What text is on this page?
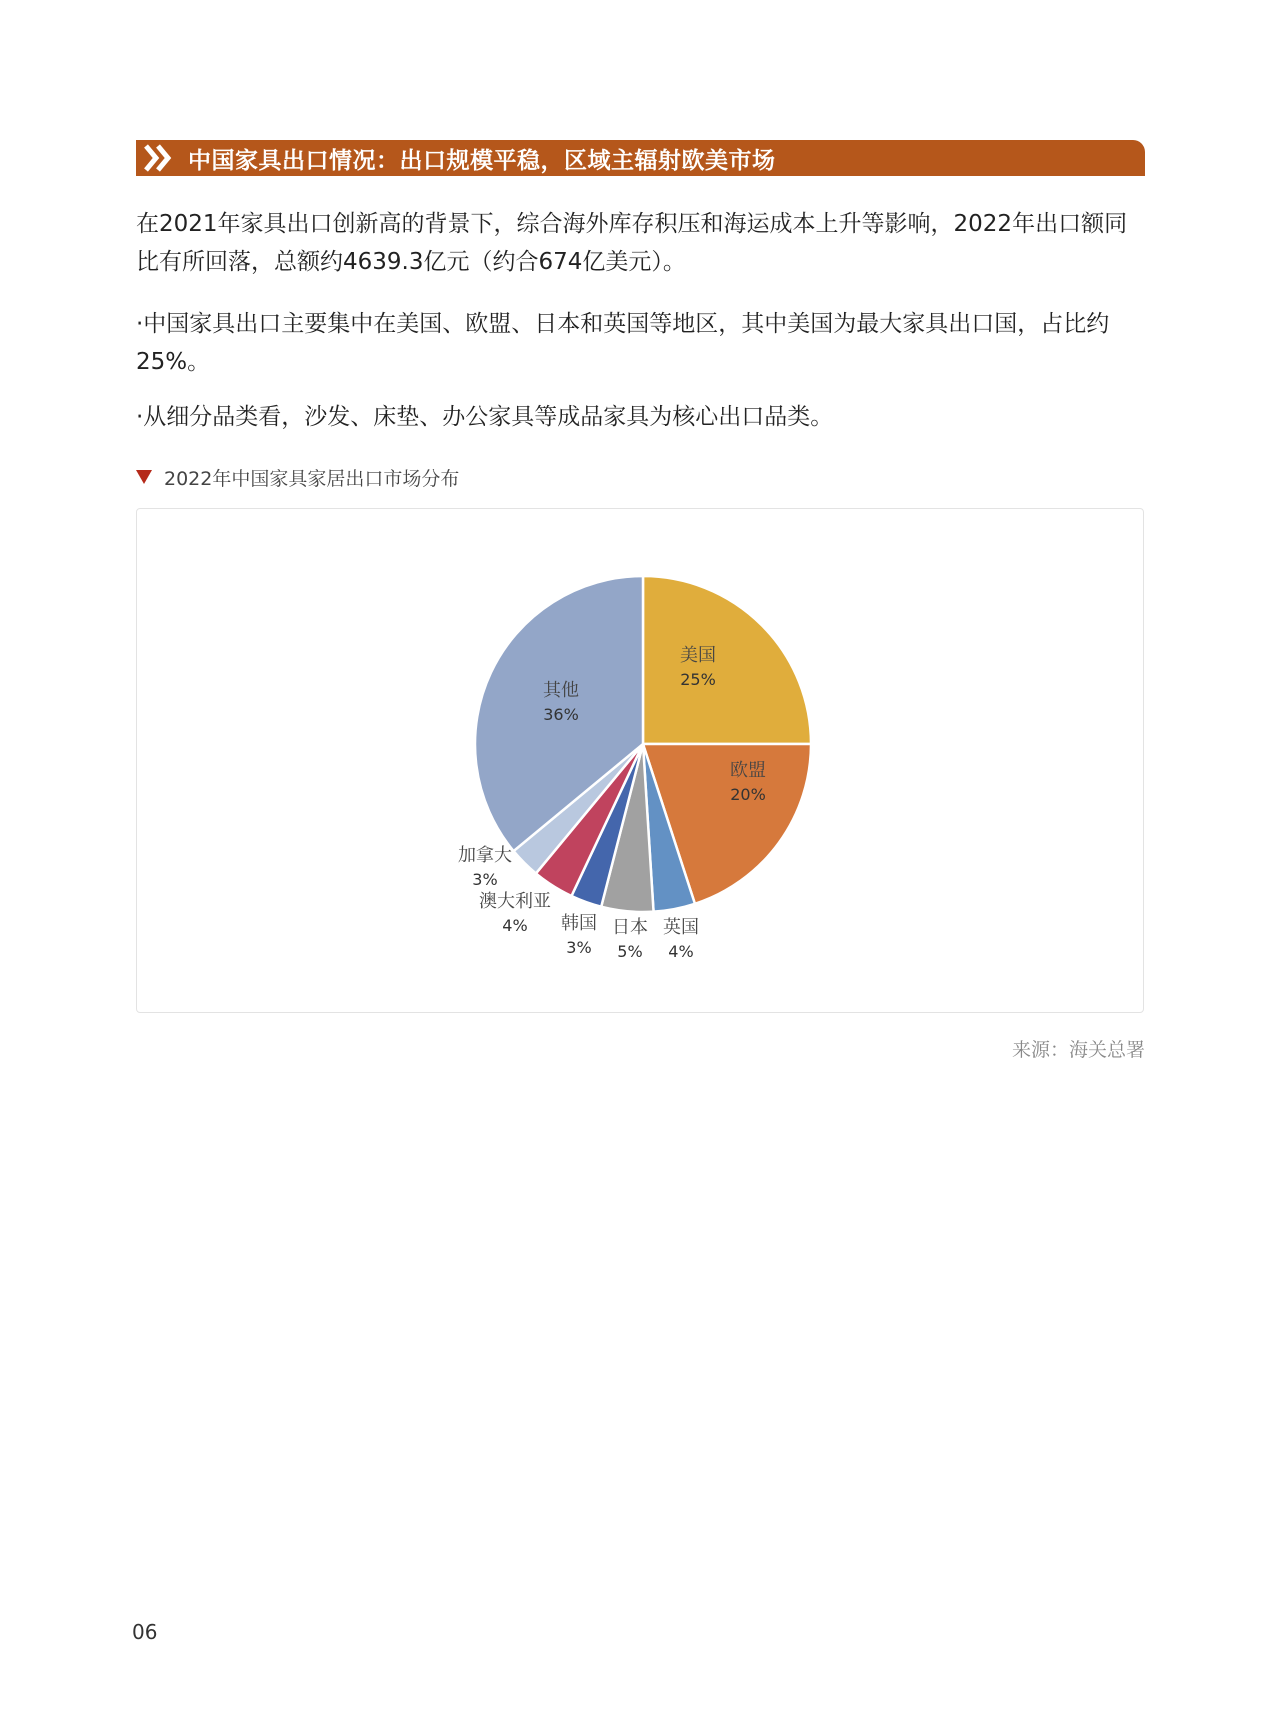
中国家具出口情况：出口规模平稳，区域主辐射欧美市场
在2021年家具出口创新高的背景下，综合海外库存积压和海运成本上升等影响，2022年出口额同比有所回落，总额约4639.3亿元（约合674亿美元）。
·中国家具出口主要集中在美国、欧盟、日本和英国等地区，其中美国为最大家具出口国，占比约25%。
·从细分品类看，沙发、床垫、办公家具等成品家具为核心出口品类。
2022年中国家具家居出口市场分布
美国
25%
欧盟
20%
英国
4%
日本
5%
韩国
3%
澳大利亚
4%
加拿大
3%
其他
36%
来源：海关总署
06
